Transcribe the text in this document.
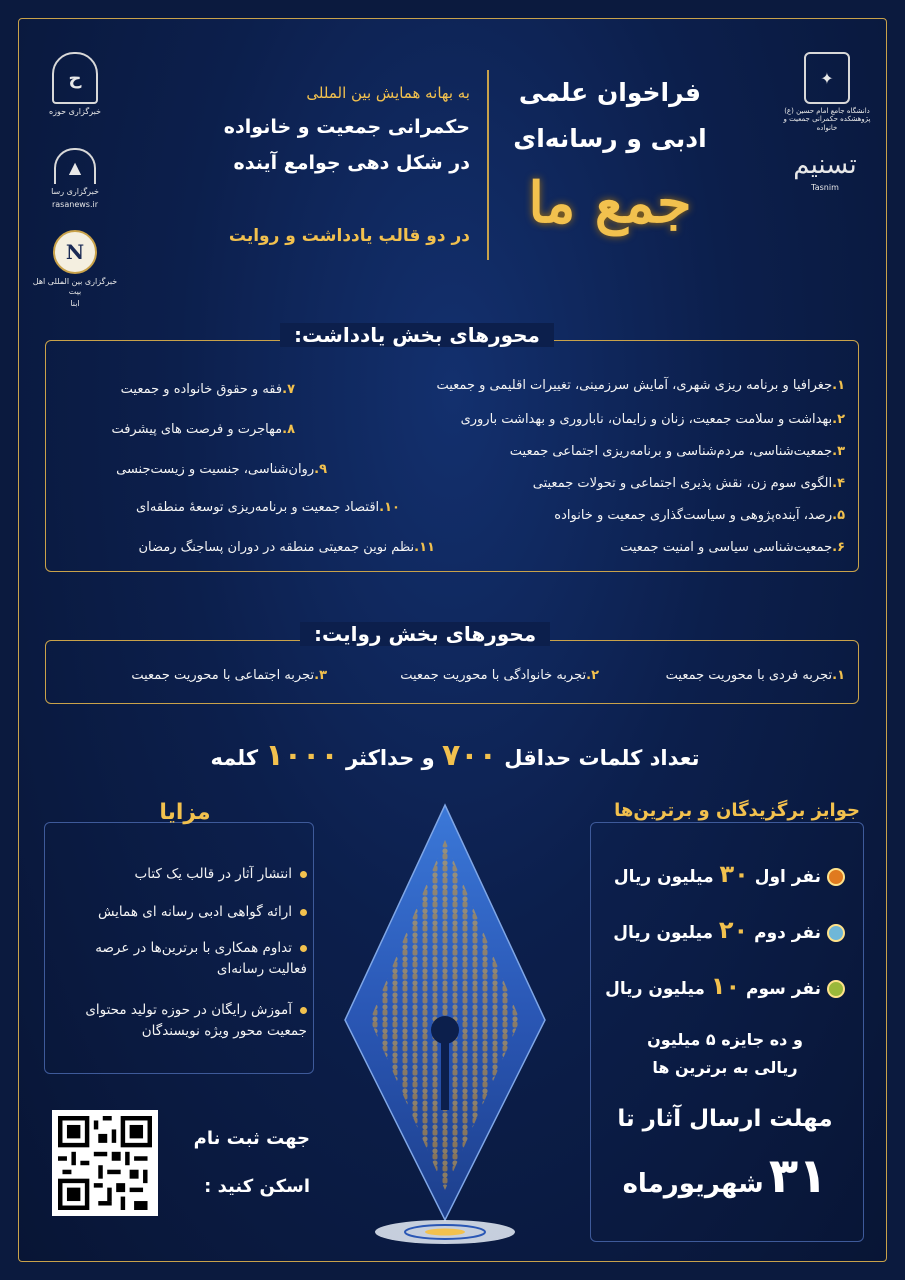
ح
خبرگزاری حوزه
▲
خبرگزاری رسا
rasanews.ir
N
خبرگزاری بین المللی اهل بیت
ابنا
✦
دانشگاه جامع امام حسین (ع) پژوهشکده حکمرانی جمعیت و خانواده
تسنیم
Tasnim
فراخوان علمی
ادبی و رسانه‌ای
جمع ما
به بهانه همایش بین المللی
حکمرانی جمعیت و خانواده
در شکل دهی جوامع آینده
در دو قالب یادداشت و روایت
محورهای بخش یادداشت:
۱.جغرافیا و برنامه ریزی شهری، آمایش سرزمینی، تغییرات اقلیمی و جمعیت
۲.بهداشت و سلامت جمعیت، زنان و زایمان، ناباروری و بهداشت باروری
۳.جمعیت‌شناسی، مردم‌شناسی و برنامه‌ریزی اجتماعی جمعیت
۴.الگوی سوم زن، نقش پذیری اجتماعی و تحولات جمعیتی
۵.رصد، آینده‌پژوهی و سیاست‌گذاری جمعیت و خانواده
۶.جمعیت‌شناسی سیاسی و امنیت جمعیت
۷.فقه و حقوق خانواده و جمعیت
۸.مهاجرت و فرصت های پیشرفت
۹.روان‌شناسی، جنسیت و زیست‌جنسی
۱۰.اقتصاد جمعیت و برنامه‌ریزی توسعهٔ منطقه‌ای
۱۱.نظم نوین جمعیتی منطقه در دوران پساجنگ رمضان
محورهای بخش روایت:
۱.تجربه فردی با محوریت جمعیت
۲.تجربه خانوادگی با محوریت جمعیت
۳.تجربه اجتماعی با محوریت جمعیت
تعداد کلمات حداقل ۷۰۰ و حداکثر ۱۰۰۰ کلمه
مزایا
انتشار آثار در قالب یک کتاب
ارائه گواهی ادبی رسانه ای همایش
تداوم همکاری با برترین‌ها در عرصه فعالیت رسانه‌ای
آموزش رایگان در حوزه تولید محتوای جمعیت محور ویژه نویسندگان
جهت ثبت نام
اسکن کنید :
جوایز برگزیدگان و برترین‌ها
نفر اول ۳۰ میلیون ریال
نفر دوم ۲۰ میلیون ریال
نفر سوم ۱۰ میلیون ریال
و ده جایزه ۵ میلیون
ریالی به برترین ها
مهلت ارسال آثار تا
۳۱ شهریورماه
